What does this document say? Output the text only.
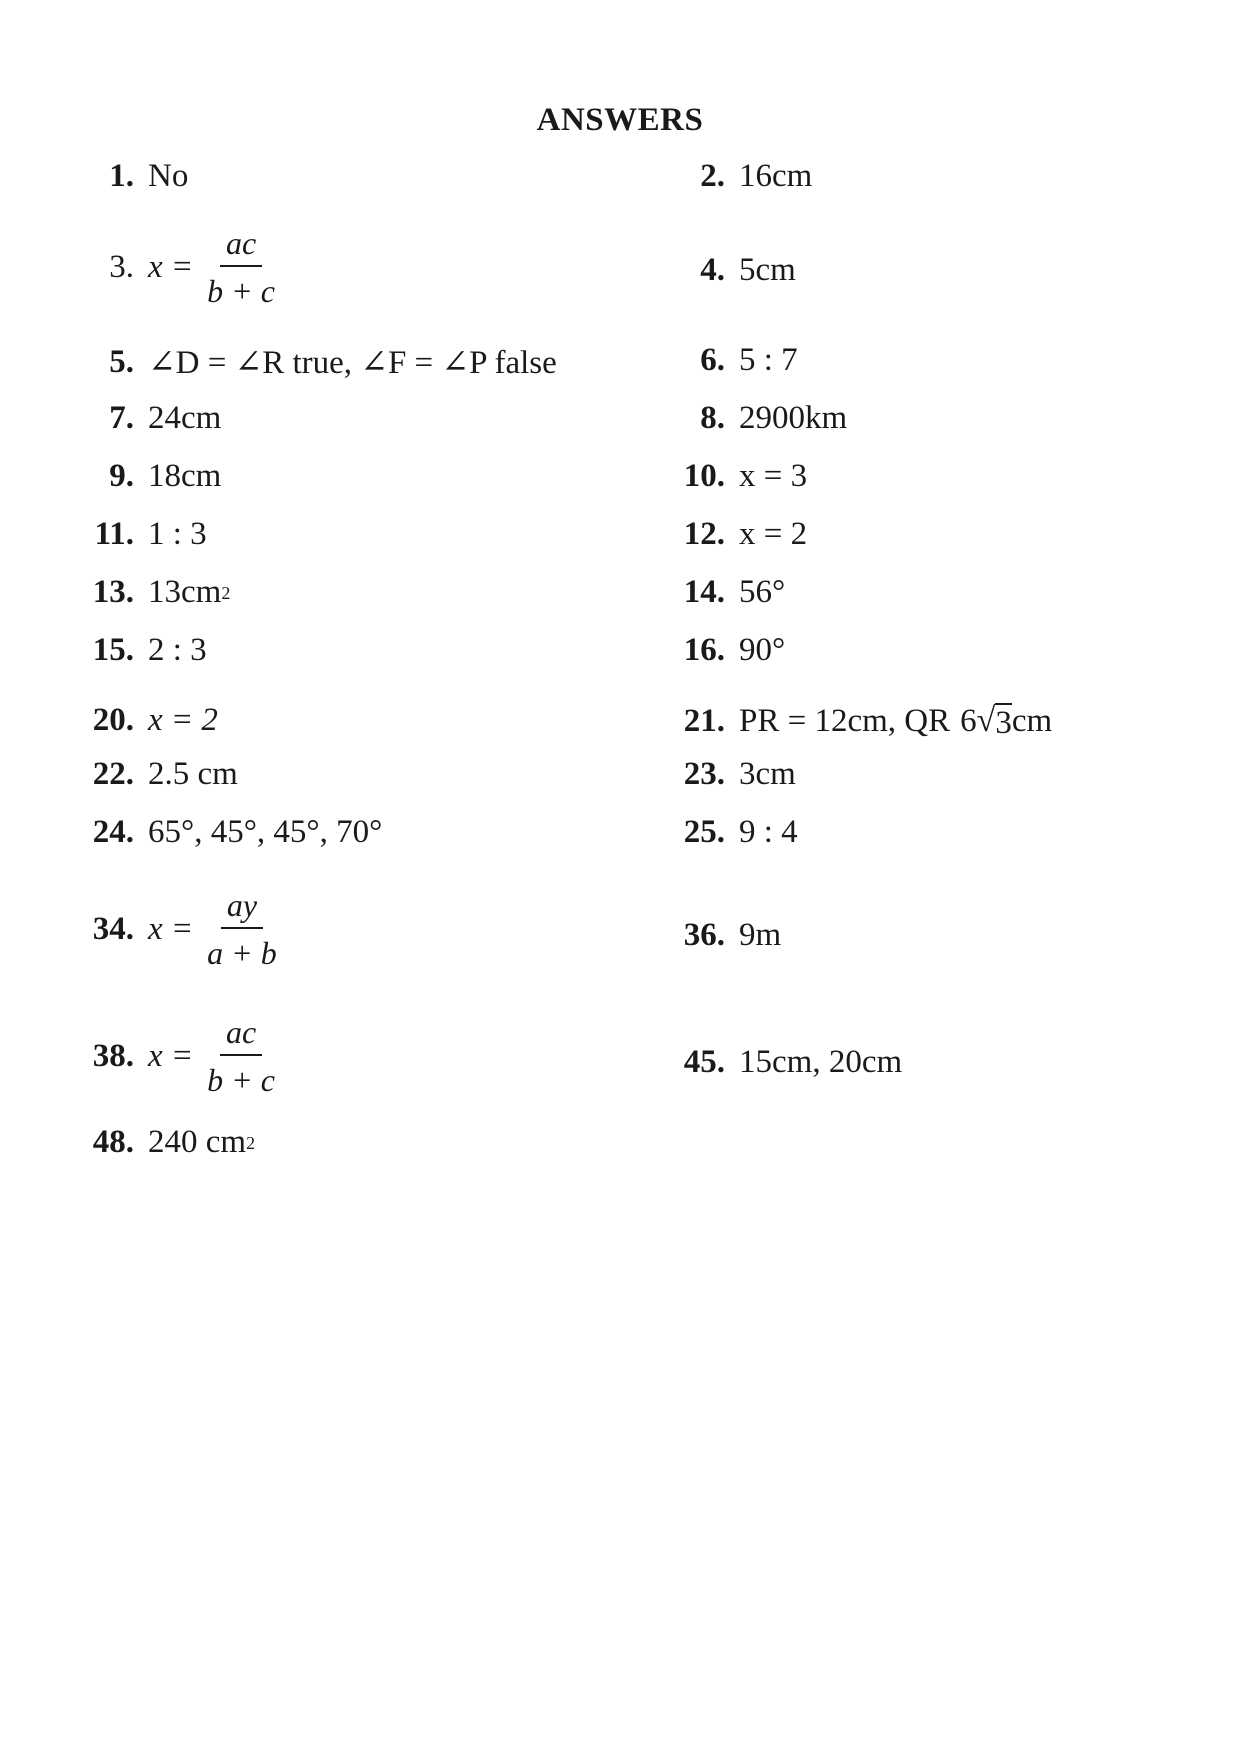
ANSWERS
1. No
3. $x = \frac{ac}{b + c}$
5. ∠D = ∠R true, ∠F = ∠P false
7. 24cm
9. 18cm
11. 1 : 3
13. 13cm 2
15. 2 : 3
20. x = 2
22. 2.5 cm
24. 65°, 45°, 45°, 70°
34. $x = \frac{ay}{a + b}$
38. $x = \frac{ac}{b + c}$
48. 240 cm 2
2. 16cm
4. 5cm
6. 5 : 7
8. 2900km
10. x = 3
12. x = 2
14. 56°
16. 90°
21. PR = 12cm, QR 6 √ 3 cm
23. 3cm
25. 9 : 4
36. 9m
45. 15cm, 20cm
